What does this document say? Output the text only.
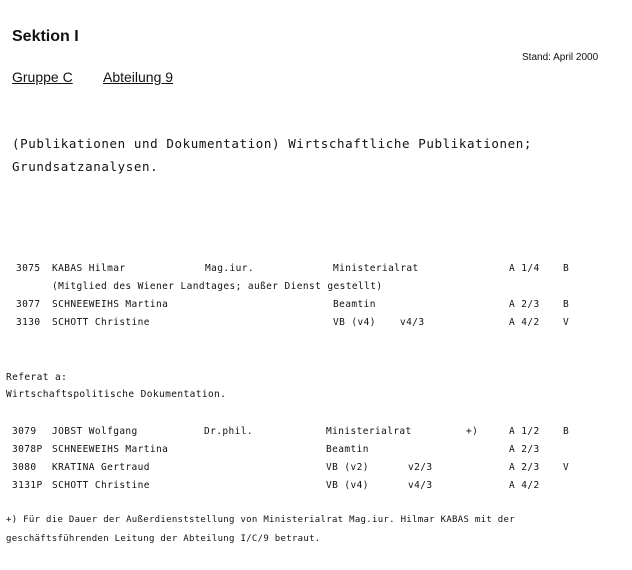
Sektion I
Stand: April 2000
Gruppe C Abteilung 9
(Publikationen und Dokumentation) Wirtschaftliche Publikationen;
Grundsatzanalysen.
3075 KABAS Hilmar	Mag.iur.	Ministerialrat	A 1/4 B
(Mitglied des Wiener Landtages; außer Dienst gestellt)
3077 SCHNEEWEIHS Martina	Beamtin	A 2/3 B
3130 SCHOTT Christine	VB (v4)	v4/3	A 4/2 V
Referat a:
Wirtschaftspolitische Dokumentation.
3079 JOBST Wolfgang	Dr.phil.	Ministerialrat	+)	A 1/2 B
3078P SCHNEEWEIHS Martina	Beamtin	A 2/3
3080 KRATINA Gertraud	VB (v2)	v2/3	A 2/3 V
3131P SCHOTT Christine	VB (v4)	v4/3	A 4/2
+) Für die Dauer der Außerdienststellung von Ministerialrat Mag.iur. Hilmar KABAS mit der
geschäftsführenden Leitung der Abteilung I/C/9 betraut.
